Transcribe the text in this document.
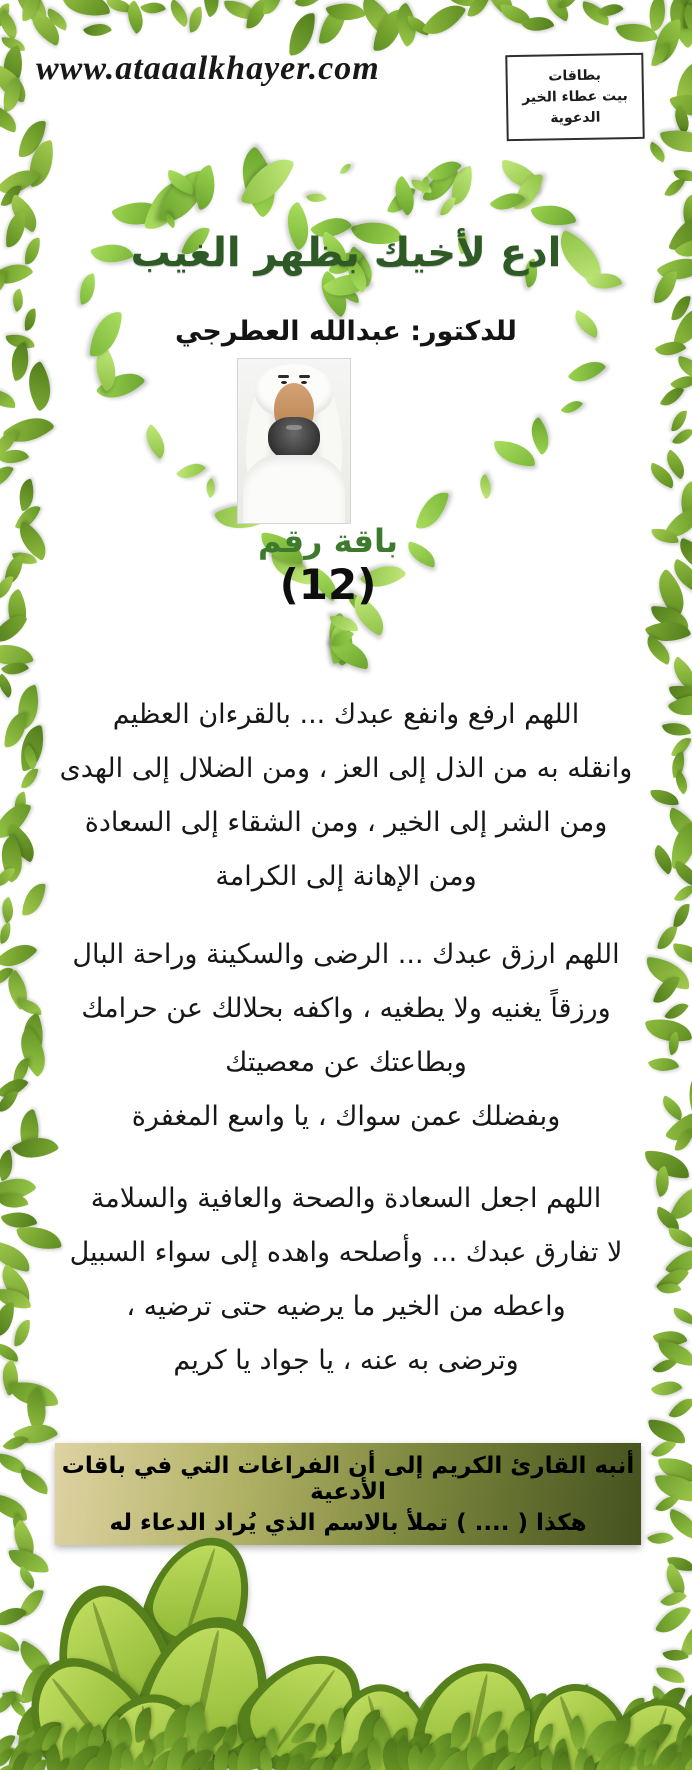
www.ataaalkhayer.com	بطاقات
بيت عطاء الخير
الدعوية
ادع لأخيك بظهر الغيب
للدكتور: عبدالله العطرجي
باقة رقم
(12)
اللهم ارفع وانفع عبدك ... بالقرءان العظيم
وانقله به من الذل إلى العز ، ومن الضلال إلى الهدى
ومن الشر إلى الخير ، ومن الشقاء إلى السعادة
ومن الإهانة إلى الكرامة
اللهم ارزق عبدك ... الرضى والسكينة وراحة البال
ورزقاً يغنيه ولا يطغيه ، واكفه بحلالك عن حرامك
وبطاعتك عن معصيتك
وبفضلك عمن سواك ، يا واسع المغفرة
اللهم اجعل السعادة والصحة والعافية والسلامة
لا تفارق عبدك ... وأصلحه واهده إلى سواء السبيل
واعطه من الخير ما يرضيه حتى ترضيه ،
وترضى به عنه ، يا جواد يا كريم
أنبه القارئ الكريم إلى أن الفراغات التي في باقات الأدعية
هكذا ( .... ) تملأ بالاسم الذي يُراد الدعاء له
